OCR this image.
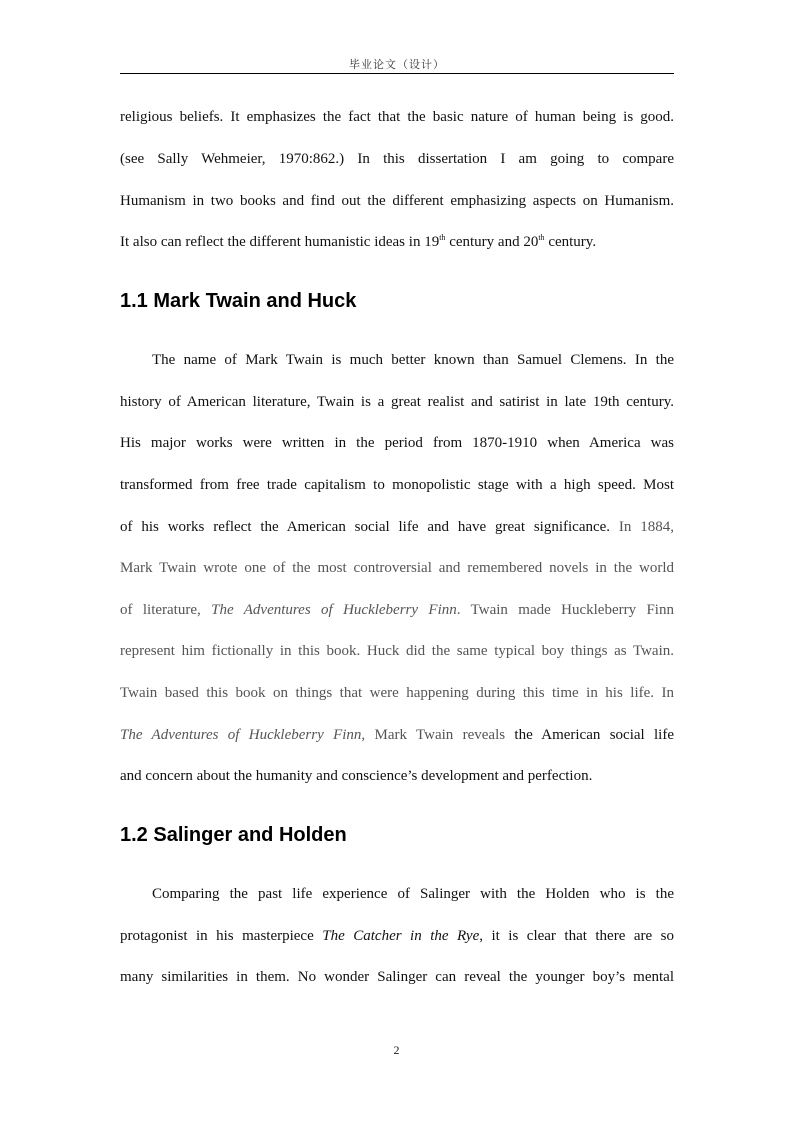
毕业论文（设计）
religious beliefs. It emphasizes the fact that the basic nature of human being is good.
(see Sally Wehmeier, 1970:862.) In this dissertation I am going to compare
Humanism in two books and find out the different emphasizing aspects on Humanism.
It also can reflect the different humanistic ideas in 19th century and 20th century.
1.1 Mark Twain and Huck
The name of Mark Twain is much better known than Samuel Clemens. In the
history of American literature, Twain is a great realist and satirist in late 19th century.
His major works were written in the period from 1870-1910 when America was
transformed from free trade capitalism to monopolistic stage with a high speed. Most
of his works reflect the American social life and have great significance. In 1884,
Mark Twain wrote one of the most controversial and remembered novels in the world
of literature, The Adventures of Huckleberry Finn. Twain made Huckleberry Finn
represent him fictionally in this book. Huck did the same typical boy things as Twain.
Twain based this book on things that were happening during this time in his life. In
The Adventures of Huckleberry Finn, Mark Twain reveals the American social life
and concern about the humanity and conscience’s development and perfection.
1.2 Salinger and Holden
Comparing the past life experience of Salinger with the Holden who is the
protagonist in his masterpiece The Catcher in the Rye, it is clear that there are so
many similarities in them. No wonder Salinger can reveal the younger boy’s mental
2
